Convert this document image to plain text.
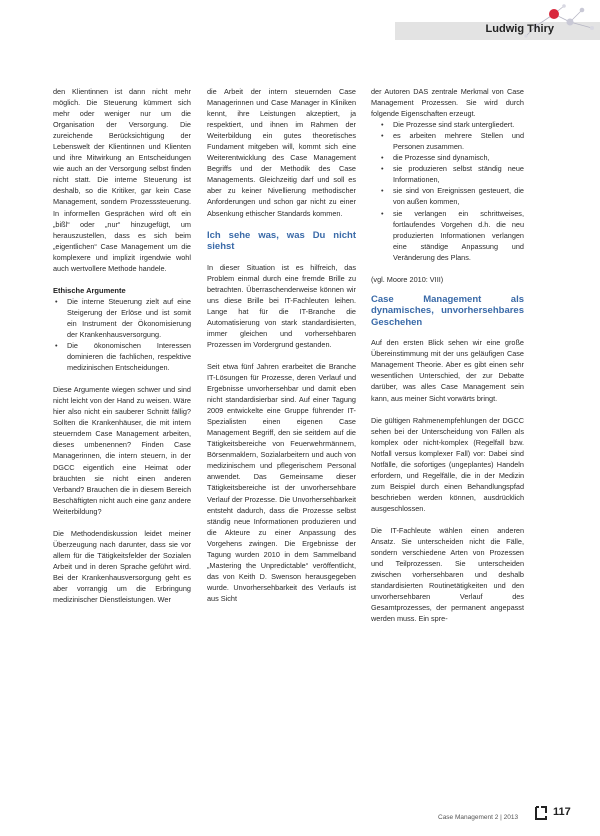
Ludwig Thiry

den Klientinnen ist dann nicht mehr möglich. Die Steuerung kümmert sich mehr oder weniger nur um die Organisation der Versorgung. Die zureichende Berücksichtigung der Lebenswelt der Klientinnen und Klienten und ihre Mitwirkung an Entscheidungen wie auch an der Versorgung selbst finden nicht statt. Die interne Steuerung ist deshalb, so die Kritiker, gar kein Case Management, sondern Prozesssteuerung. In informellen Gesprächen wird oft ein „bißl“ oder „nur“ hinzugefügt, um herauszustellen, dass es sich beim „eigentlichen“ Case Management um die komplexere und implizit irgendwie wohl auch wertvollere Methode handele.

Ethische Argumente
• Die interne Steuerung zielt auf eine Steigerung der Erlöse und ist somit ein Instrument der Ökonomisierung der Krankenhausversorgung.
• Die ökonomischen Interessen dominieren die fachlichen, respektive medizinischen Entscheidungen.

Diese Argumente wiegen schwer und sind nicht leicht von der Hand zu weisen. Wäre hier also nicht ein sauberer Schnitt fällig? Sollten die Krankenhäuser, die mit intern steuerndem Case Management arbeiten, dieses umbenennen? Finden Case Managerinnen, die intern steuern, in der DGCC eigentlich eine Heimat oder bräuchten sie nicht einen anderen Verband? Brauchen die in diesem Bereich Beschäftigten nicht auch eine ganz andere Weiterbildung?

Die Methodendiskussion leidet meiner Überzeugung nach darunter, dass sie vor allem für die Tätigkeitsfelder der Sozialen Arbeit und in deren Sprache geführt wird. Bei der Krankenhausversorgung geht es aber vorrangig um die Erbringung medizinischer Dienstleistungen. Wer

die Arbeit der intern steuernden Case Managerinnen und Case Manager in Kliniken kennt, ihre Leistungen akzeptiert, ja respektiert, und ihnen im Rahmen der Weiterbildung ein gutes theoretisches Fundament mitgeben will, kommt sich eine Weiterentwicklung des Case Management Begriffs und der Methodik des Case Managements. Gleichzeitig darf und soll es aber zu keiner Nivellierung methodischer Anforderungen und schon gar nicht zu einer Absenkung ethischer Standards kommen.

Ich sehe was, was Du nicht siehst

In dieser Situation ist es hilfreich, das Problem einmal durch eine fremde Brille zu betrachten. Überraschenderweise können wir uns diese Brille bei IT-Fachleuten leihen. Lange hat für die IT-Branche die Automatisierung von stark standardisierten, immer gleichen und vorhersehbaren Prozessen im Vordergrund gestanden.

Seit etwa fünf Jahren erarbeitet die Branche IT-Lösungen für Prozesse, deren Verlauf und Ergebnisse unvorhersehbar und damit eben nicht standardisierbar sind. Auf einer Tagung 2009 entwickelte eine Gruppe führender IT-Spezialisten einen eigenen Case Management Begriff, den sie seitdem auf die Tätigkeitsbereiche von Feuerwehrmännern, Börsenmaklern, Sozialarbeitern und auch von medizinischem und pflegerischem Personal anwendet. Das Gemeinsame dieser Tätigkeitsbereiche ist der unvorhersehbare Verlauf der Prozesse. Die Unvorhersehbarkeit entsteht dadurch, dass die Prozesse selbst ständig neue Informationen produzieren und die Akteure zu einer Anpassung des Vorgehens zwingen. Die Ergebnisse der Tagung wurden 2010 in dem Sammelband „Mastering the Unpredictable“ veröffentlicht, das von Keith D. Swenson herausgegeben wurde. Unvorhersehbarkeit des Verlaufs ist aus Sicht

der Autoren DAS zentrale Merkmal von Case Management Prozessen. Sie wird durch folgende Eigenschaften erzeugt.

• Die Prozesse sind stark untergliedert.
• es arbeiten mehrere Stellen und Personen zusammen.
• die Prozesse sind dynamisch,
• sie produzieren selbst ständig neue Informationen,
• sie sind von Ereignissen gesteuert, die von außen kommen,
• sie verlangen ein schrittweises, fortlaufendes Vorgehen d.h. die neu produzierten Informationen verlangen eine ständige Anpassung und Veränderung des Plans.

(vgl. Moore 2010: VIII)

Case Management als dynamisches, unvorhersehbares Geschehen

Auf den ersten Blick sehen wir eine große Übereinstimmung mit der uns geläufigen Case Management Theorie. Aber es gibt einen sehr wesentlichen Unterschied, der zur Debatte darüber, was alles Case Management sein kann, aus meiner Sicht vorwärts bringt.

Die gültigen Rahmenempfehlungen der DGCC sehen bei der Unterscheidung von Fällen als komplex oder nicht-komplex (Regelfall bzw. Notfall versus komplexer Fall) vor: Dabei sind Notfälle, die sofortiges (ungeplantes) Handeln erfordern, und Regelfälle, die in der Medizin zum Beispiel durch einen Behandlungspfad beschrieben werden können, ausdrücklich ausgeschlossen.

Die IT-Fachleute wählen einen anderen Ansatz. Sie unterscheiden nicht die Fälle, sondern verschiedene Arten von Prozessen und Teilprozessen. Sie unterscheiden zwischen vorhersehbaren und deshalb standardisierten Routinetätigkeiten und den unvorhersehbaren Verlauf des Gesamtprozesses, der permanent angepasst werden muss. Ein spre-

Case Management 2 | 2013	117
